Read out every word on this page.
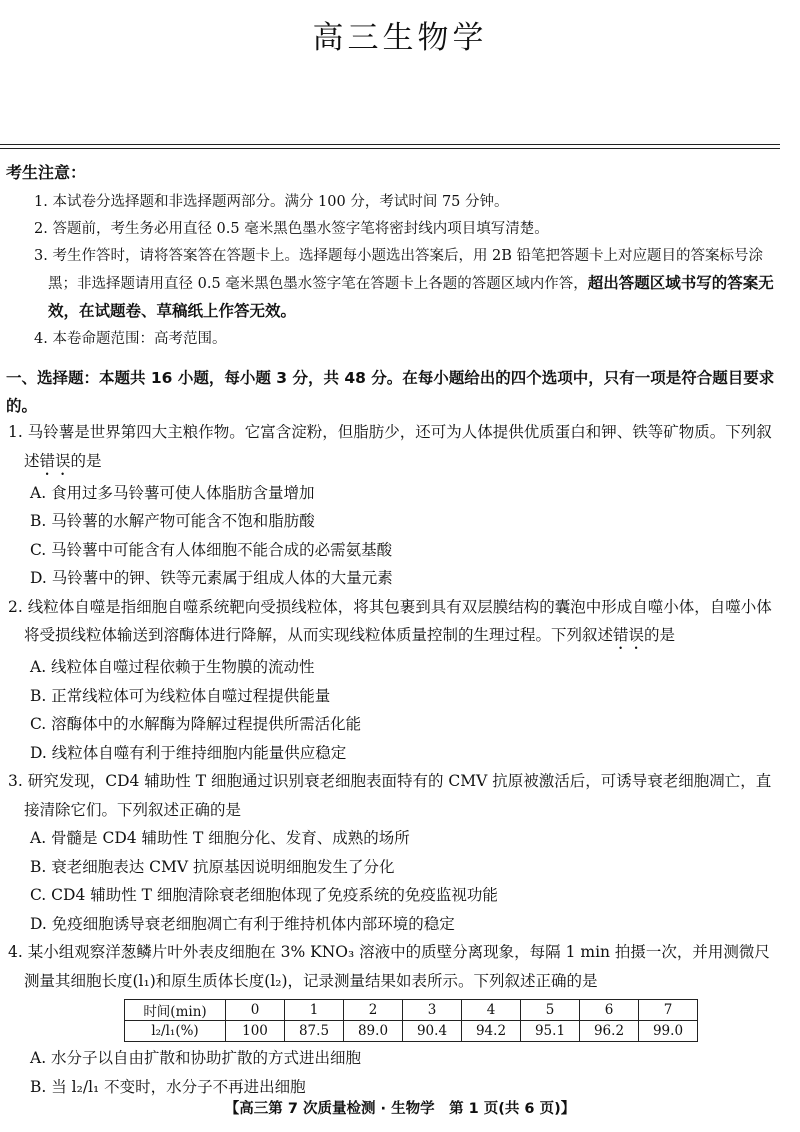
高三生物学
考生注意：
1. 本试卷分选择题和非选择题两部分。满分 100 分，考试时间 75 分钟。
2. 答题前，考生务必用直径 0.5 毫米黑色墨水签字笔将密封线内项目填写清楚。
3. 考生作答时，请将答案答在答题卡上。选择题每小题选出答案后，用 2B 铅笔把答题卡上对应题目的答案标号涂黑；非选择题请用直径 0.5 毫米黑色墨水签字笔在答题卡上各题的答题区域内作答，超出答题区域书写的答案无效，在试题卷、草稿纸上作答无效。
4. 本卷命题范围：高考范围。
一、选择题：本题共 16 小题，每小题 3 分，共 48 分。在每小题给出的四个选项中，只有一项是符合题目要求的。
1. 马铃薯是世界第四大主粮作物。它富含淀粉，但脂肪少，还可为人体提供优质蛋白和钾、铁等矿物质。下列叙述错误的是
A. 食用过多马铃薯可使人体脂肪含量增加
B. 马铃薯的水解产物可能含不饱和脂肪酸
C. 马铃薯中可能含有人体细胞不能合成的必需氨基酸
D. 马铃薯中的钾、铁等元素属于组成人体的大量元素
2. 线粒体自噬是指细胞自噬系统靶向受损线粒体，将其包裹到具有双层膜结构的囊泡中形成自噬小体，自噬小体将受损线粒体输送到溶酶体进行降解，从而实现线粒体质量控制的生理过程。下列叙述错误的是
A. 线粒体自噬过程依赖于生物膜的流动性
B. 正常线粒体可为线粒体自噬过程提供能量
C. 溶酶体中的水解酶为降解过程提供所需活化能
D. 线粒体自噬有利于维持细胞内能量供应稳定
3. 研究发现，CD4 辅助性 T 细胞通过识别衰老细胞表面特有的 CMV 抗原被激活后，可诱导衰老细胞凋亡，直接清除它们。下列叙述正确的是
A. 骨髓是 CD4 辅助性 T 细胞分化、发育、成熟的场所
B. 衰老细胞表达 CMV 抗原基因说明细胞发生了分化
C. CD4 辅助性 T 细胞清除衰老细胞体现了免疫系统的免疫监视功能
D. 免疫细胞诱导衰老细胞凋亡有利于维持机体内部环境的稳定
4. 某小组观察洋葱鳞片叶外表皮细胞在 3% KNO₃ 溶液中的质壁分离现象，每隔 1 min 拍摄一次，并用测微尺测量其细胞长度(l₁)和原生质体长度(l₂)，记录测量结果如表所示。下列叙述正确的是
时间(min)	0	1	2	3	4	5	6	7
l₂/l₁(%)	100	87.5	89.0	90.4	94.2	95.1	96.2	99.0
A. 水分子以自由扩散和协助扩散的方式进出细胞
B. 当 l₂/l₁ 不变时，水分子不再进出细胞
【高三第 7 次质量检测 · 生物学　第 1 页(共 6 页)】
